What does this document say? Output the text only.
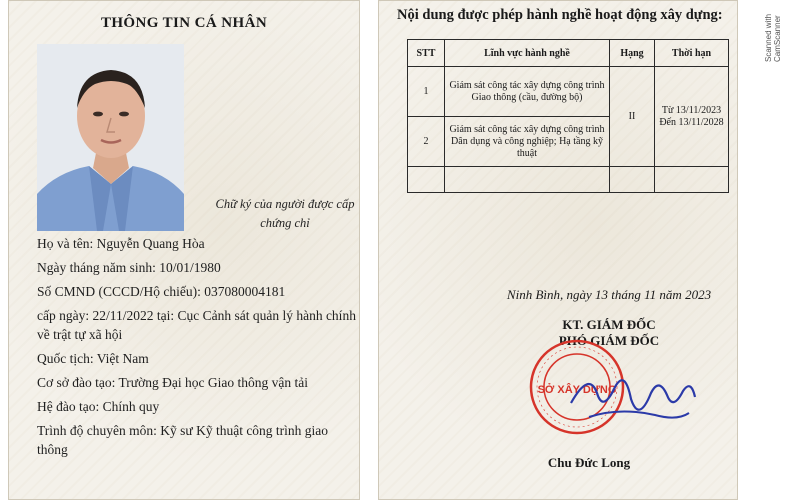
THÔNG TIN CÁ NHÂN
Chữ ký của người được cấp chứng chỉ
Họ và tên: Nguyễn Quang Hòa
Ngày tháng năm sinh: 10/01/1980
Số CMND (CCCD/Hộ chiếu): 037080004181
cấp ngày: 22/11/2022 tại: Cục Cảnh sát quản lý hành chính về trật tự xã hội
Quốc tịch: Việt Nam
Cơ sở đào tạo: Trường Đại học Giao thông vận tải
Hệ đào tạo: Chính quy
Trình độ chuyên môn: Kỹ sư Kỹ thuật công trình giao thông
Nội dung được phép hành nghề hoạt động xây dựng:
STT	Lĩnh vực hành nghề	Hạng	Thời hạn
1	Giám sát công tác xây dựng công trình Giao thông (cầu, đường bộ)	II	Từ 13/11/2023 Đến 13/11/2028
2	Giám sát công tác xây dựng công trình Dân dụng và công nghiệp; Hạ tầng kỹ thuật		

Ninh Bình, ngày 13 tháng 11 năm 2023
KT. GIÁM ĐỐC
PHÓ GIÁM ĐỐC
SỞ XÂY DỰNG
Chu Đức Long
Scanned with CamScanner
